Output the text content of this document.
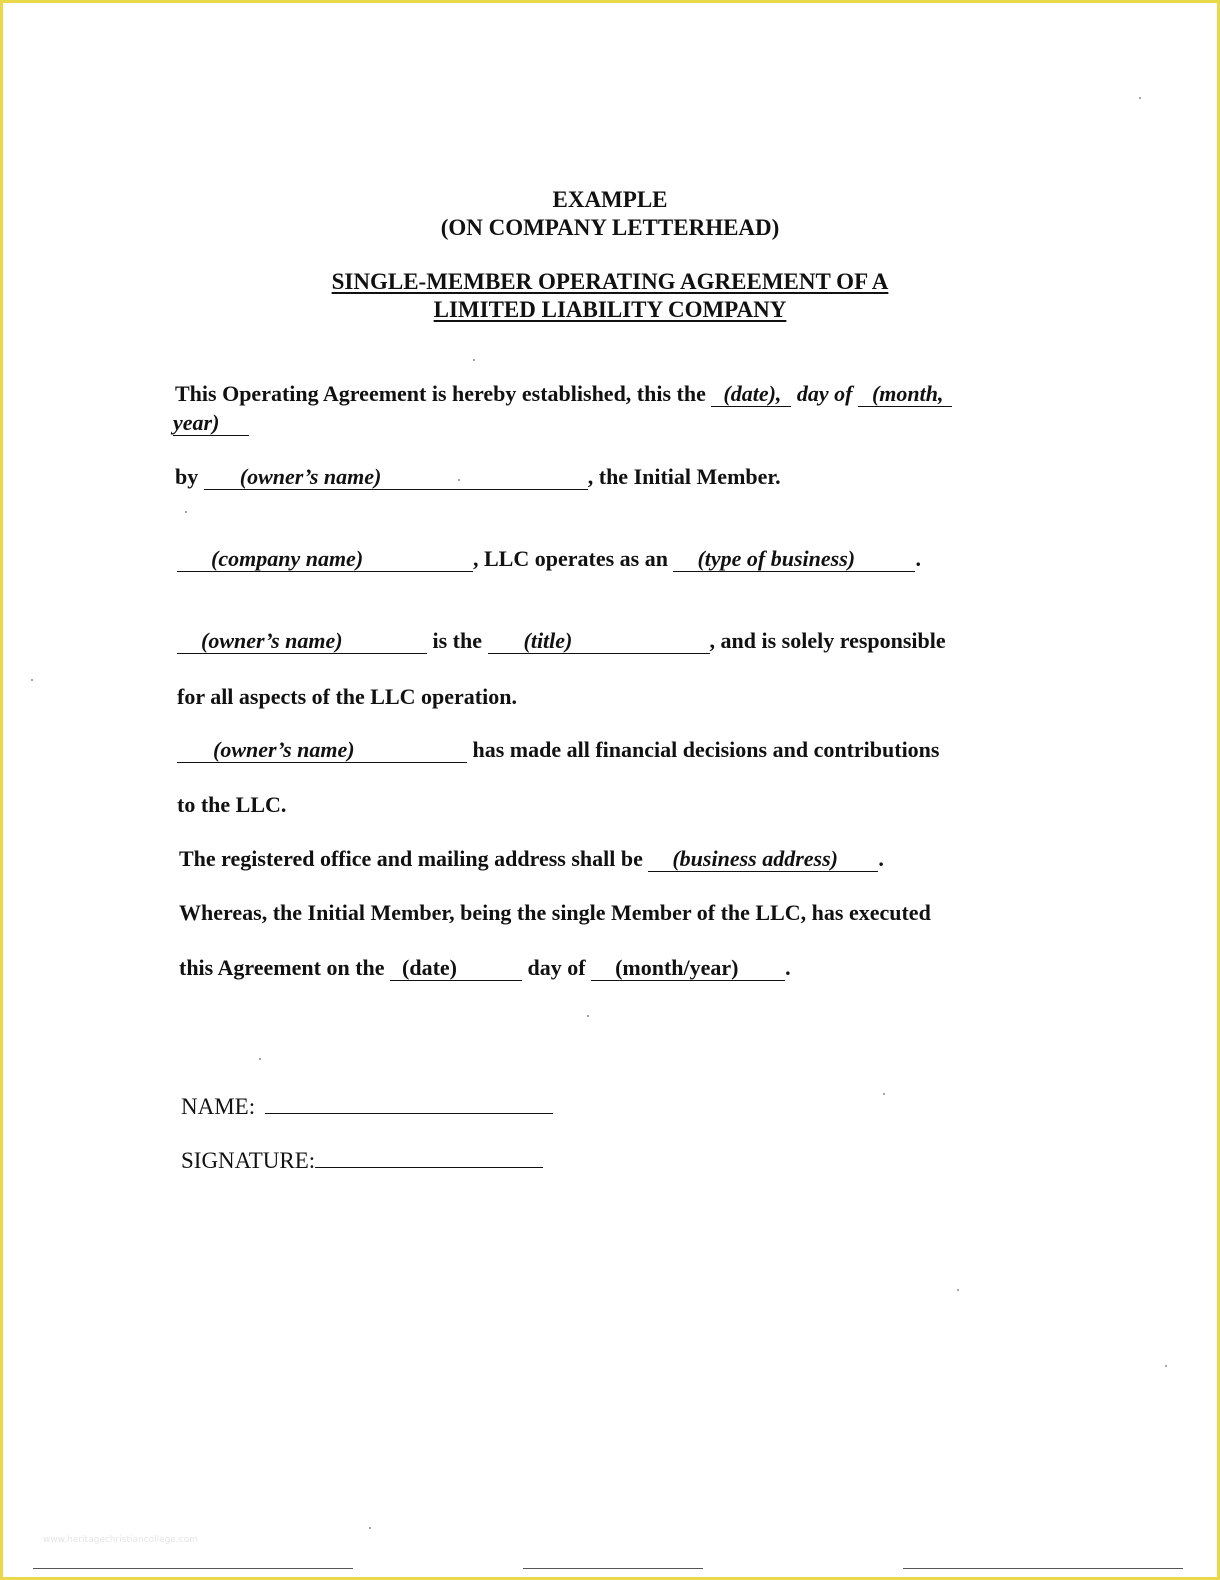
EXAMPLE
(ON COMPANY LETTERHEAD)
SINGLE-MEMBER OPERATING AGREEMENT OF A
LIMITED LIABILITY COMPANY
This Operating Agreement is hereby established, this the (date), day of (month,
year)
by (owner’s name)	, the Initial Member.
(company name)	, LLC operates as an (type of business)	.
(owner’s name)	is the (title)	, and is solely responsible
for all aspects of the LLC operation.
(owner’s name)	has made all financial decisions and contributions
to the LLC.
The registered office and mailing address shall be (business address) .
Whereas, the Initial Member, being the single Member of the LLC, has executed
this Agreement on the (date)	day of (month/year) .
NAME:
SIGNATURE:
www.heritagechristiancollege.com
